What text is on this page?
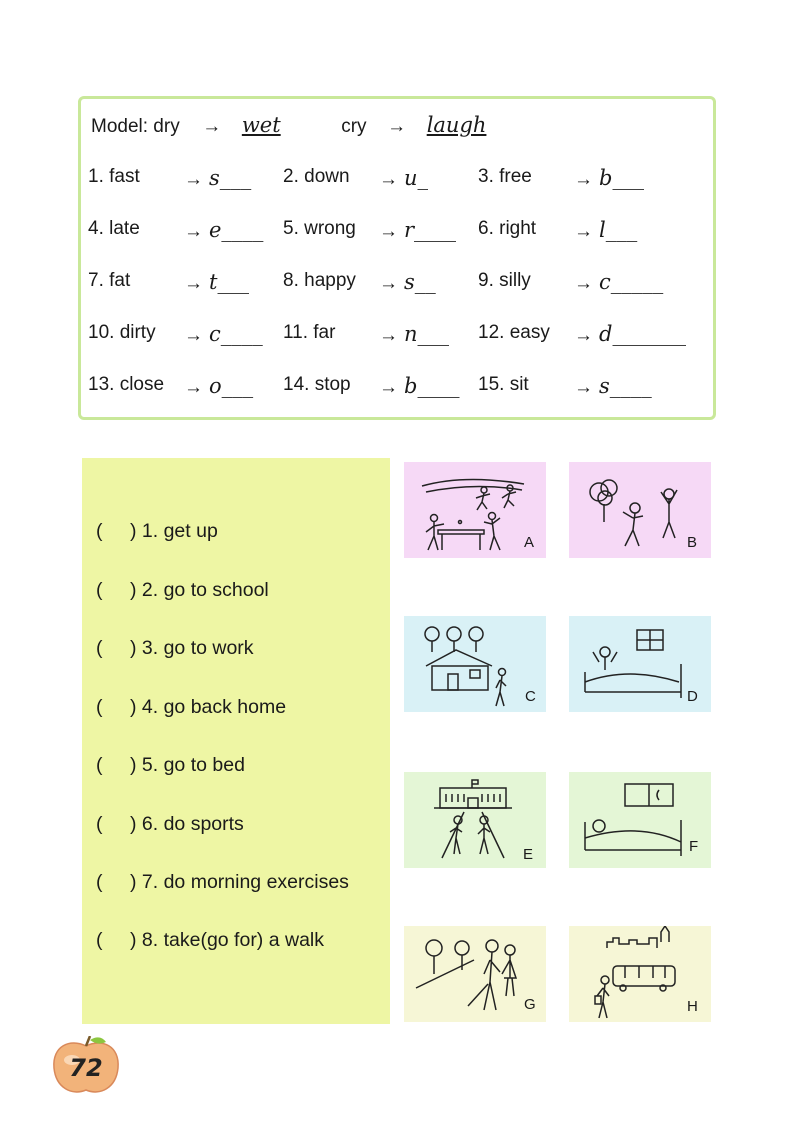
Model: dry → wet	cry → laugh
1. fast → s___ 2. down → u_	3. free → b___
4. late → e____ 5. wrong → r____ 6. right → l___
7. fat	→ t___ 8. happy → s__ 9. silly → c_____
10. dirty → c____ 11. far → n___ 12. easy → d_______
13. close → o___ 14. stop → b____ 15. sit → s____
( ) 1. get up
( ) 2. go to school
( ) 3. go to work
( ) 4. go back home
( ) 5. go to bed
( ) 6. do sports
( ) 7. do morning exercises
( ) 8. take(go for) a walk
A	B
C	D
E	F
G	H
72
